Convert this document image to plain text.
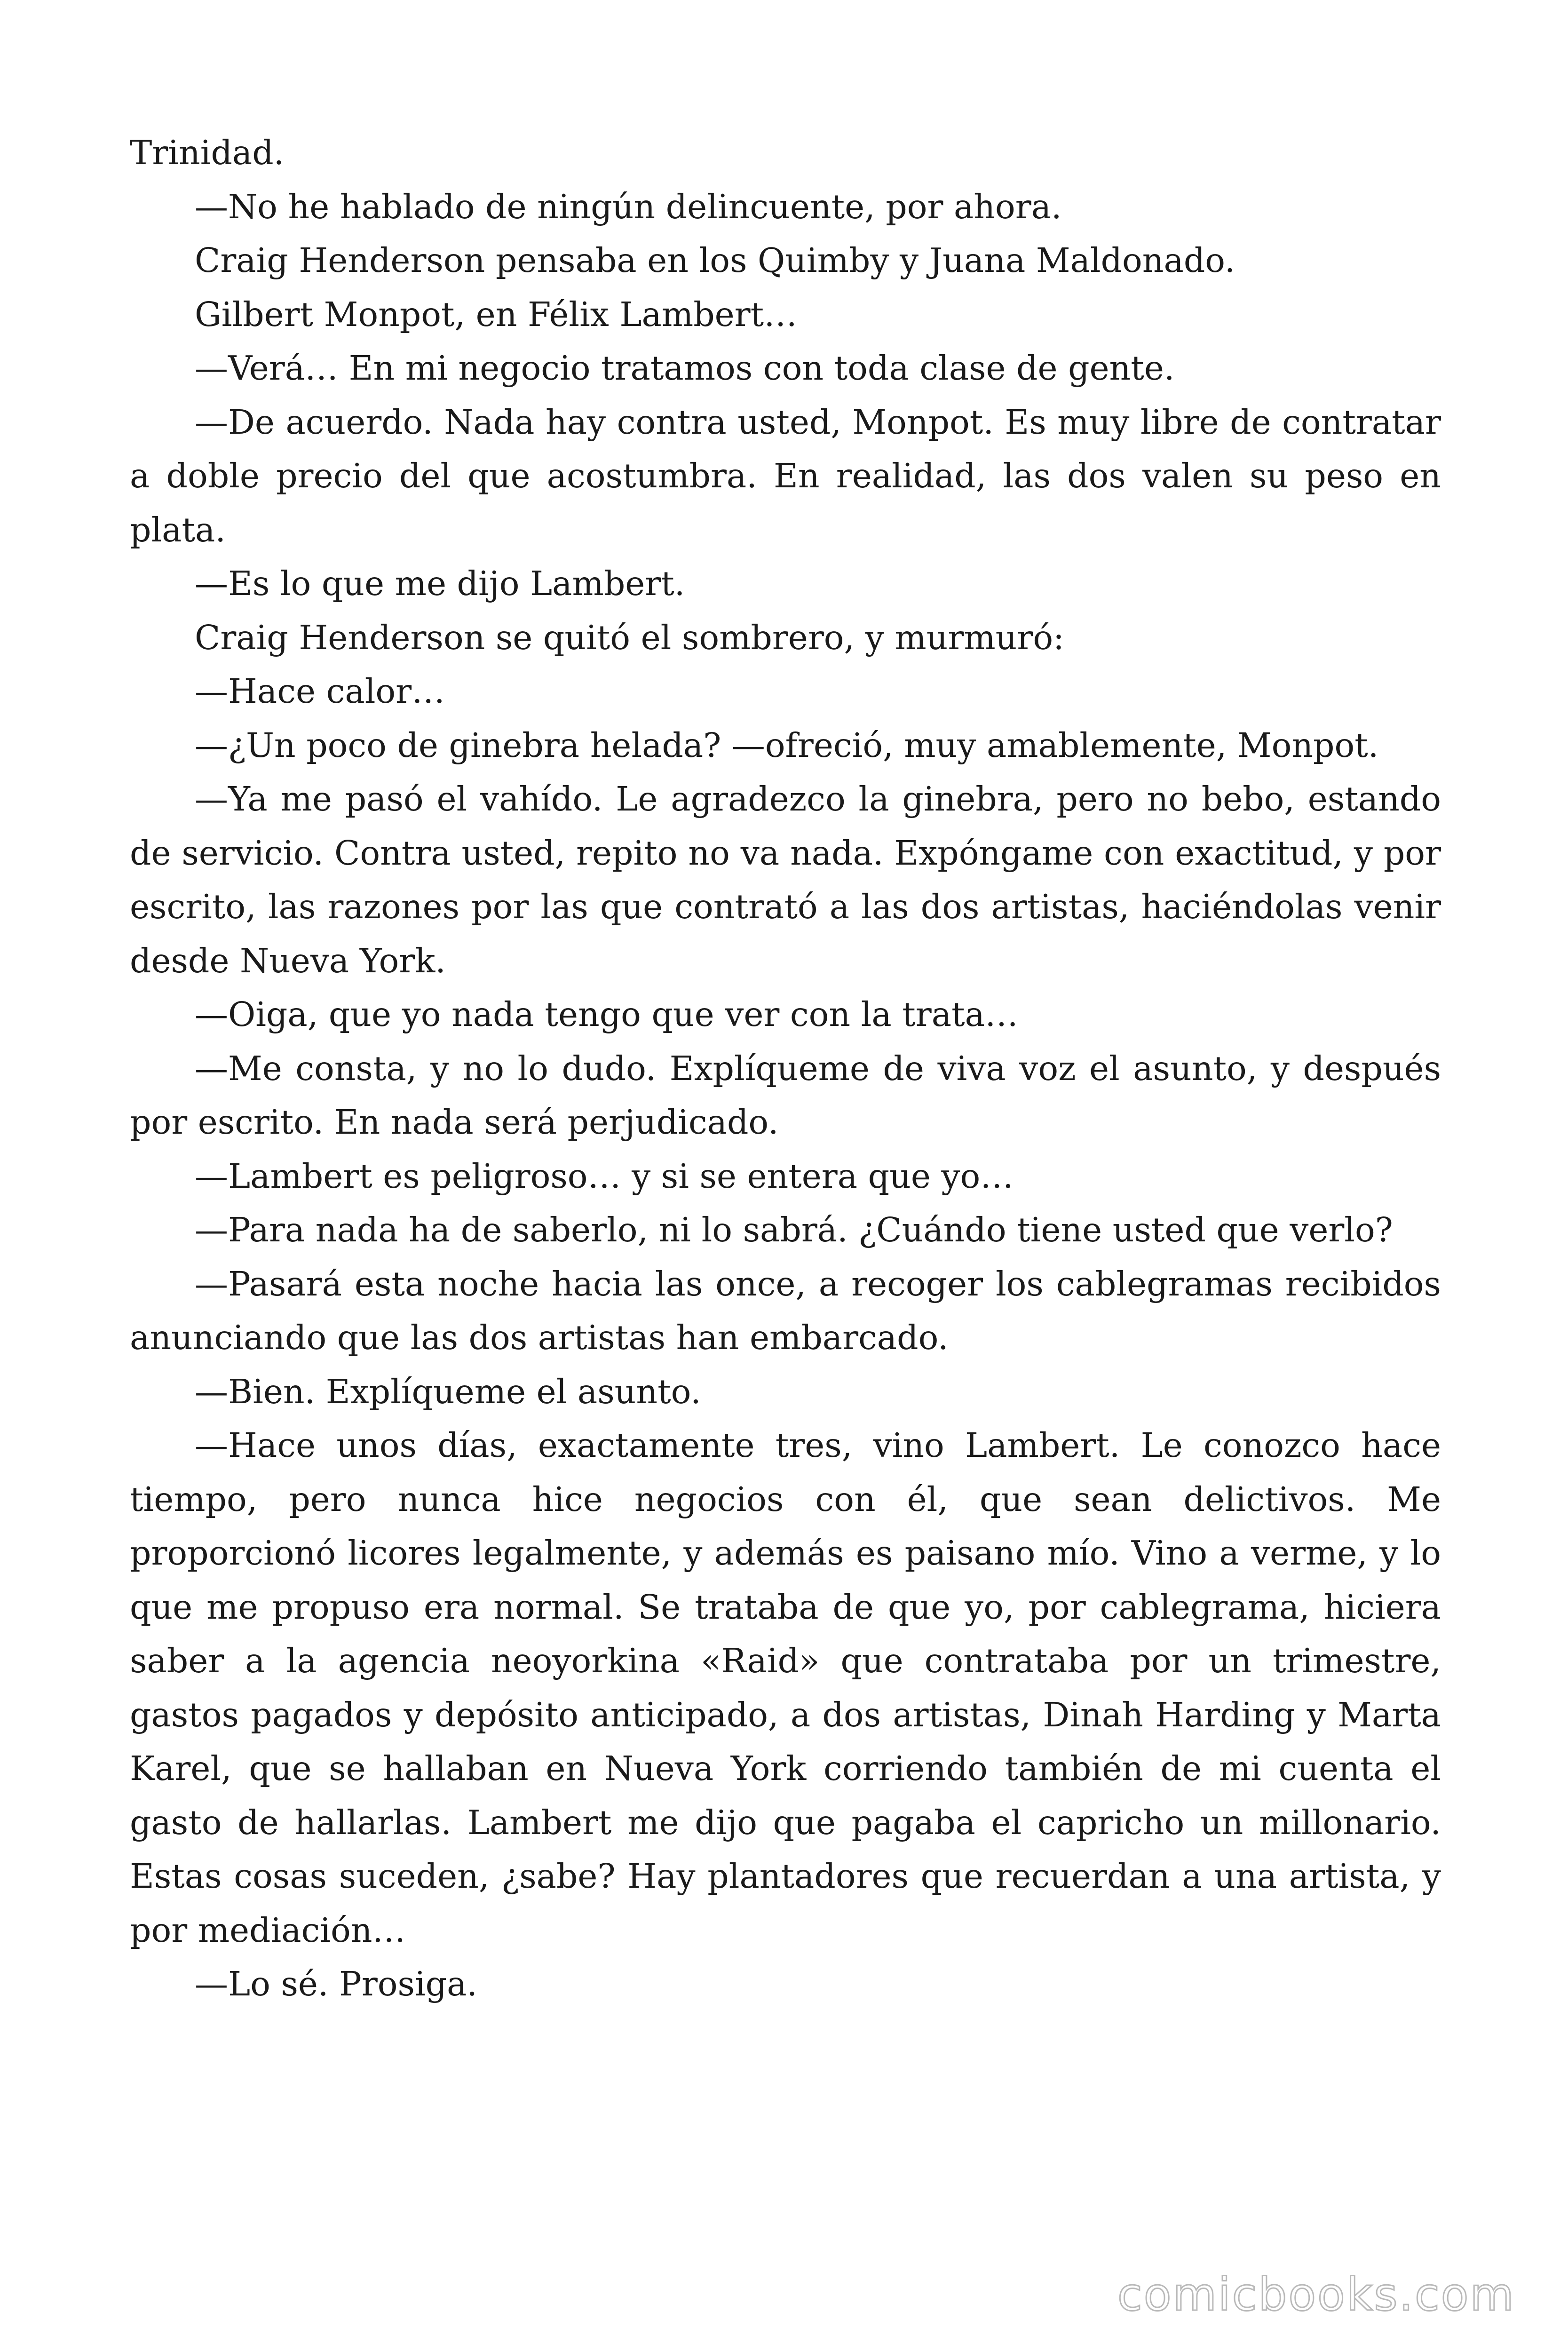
Trinidad.

—No he hablado de ningún delincuente, por ahora.

Craig Henderson pensaba en los Quimby y Juana Maldonado.

Gilbert Monpot, en Félix Lambert…

—Verá… En mi negocio tratamos con toda clase de gente.

—De acuerdo. Nada hay contra usted, Monpot. Es muy libre de contratar a doble precio del que acostumbra. En realidad, las dos valen su peso en plata.

—Es lo que me dijo Lambert.

Craig Henderson se quitó el sombrero, y murmuró:

—Hace calor…

—¿Un poco de ginebra helada? —ofreció, muy amablemente, Monpot.

—Ya me pasó el vahído. Le agradezco la ginebra, pero no bebo, estando de servicio. Contra usted, repito no va nada. Expóngame con exactitud, y por escrito, las razones por las que contrató a las dos artistas, haciéndolas venir desde Nueva York.

—Oiga, que yo nada tengo que ver con la trata…

—Me consta, y no lo dudo. Explíqueme de viva voz el asunto, y después por escrito. En nada será perjudicado.

—Lambert es peligroso… y si se entera que yo…

—Para nada ha de saberlo, ni lo sabrá. ¿Cuándo tiene usted que verlo?

—Pasará esta noche hacia las once, a recoger los cablegramas recibidos anunciando que las dos artistas han embarcado.

—Bien. Explíqueme el asunto.

—Hace unos días, exactamente tres, vino Lambert. Le conozco hace tiempo, pero nunca hice negocios con él, que sean delictivos. Me proporcionó licores legalmente, y además es paisano mío. Vino a verme, y lo que me propuso era normal. Se trataba de que yo, por cablegrama, hiciera saber a la agencia neoyorkina «Raid» que contrataba por un trimestre, gastos pagados y depósito anticipado, a dos artistas, Dinah Harding y Marta Karel, que se hallaban en Nueva York corriendo también de mi cuenta el gasto de hallarlas. Lambert me dijo que pagaba el capricho un millonario. Estas cosas suceden, ¿sabe? Hay plantadores que recuerdan a una artista, y por mediación…

—Lo sé. Prosiga.

comicbooks.com
